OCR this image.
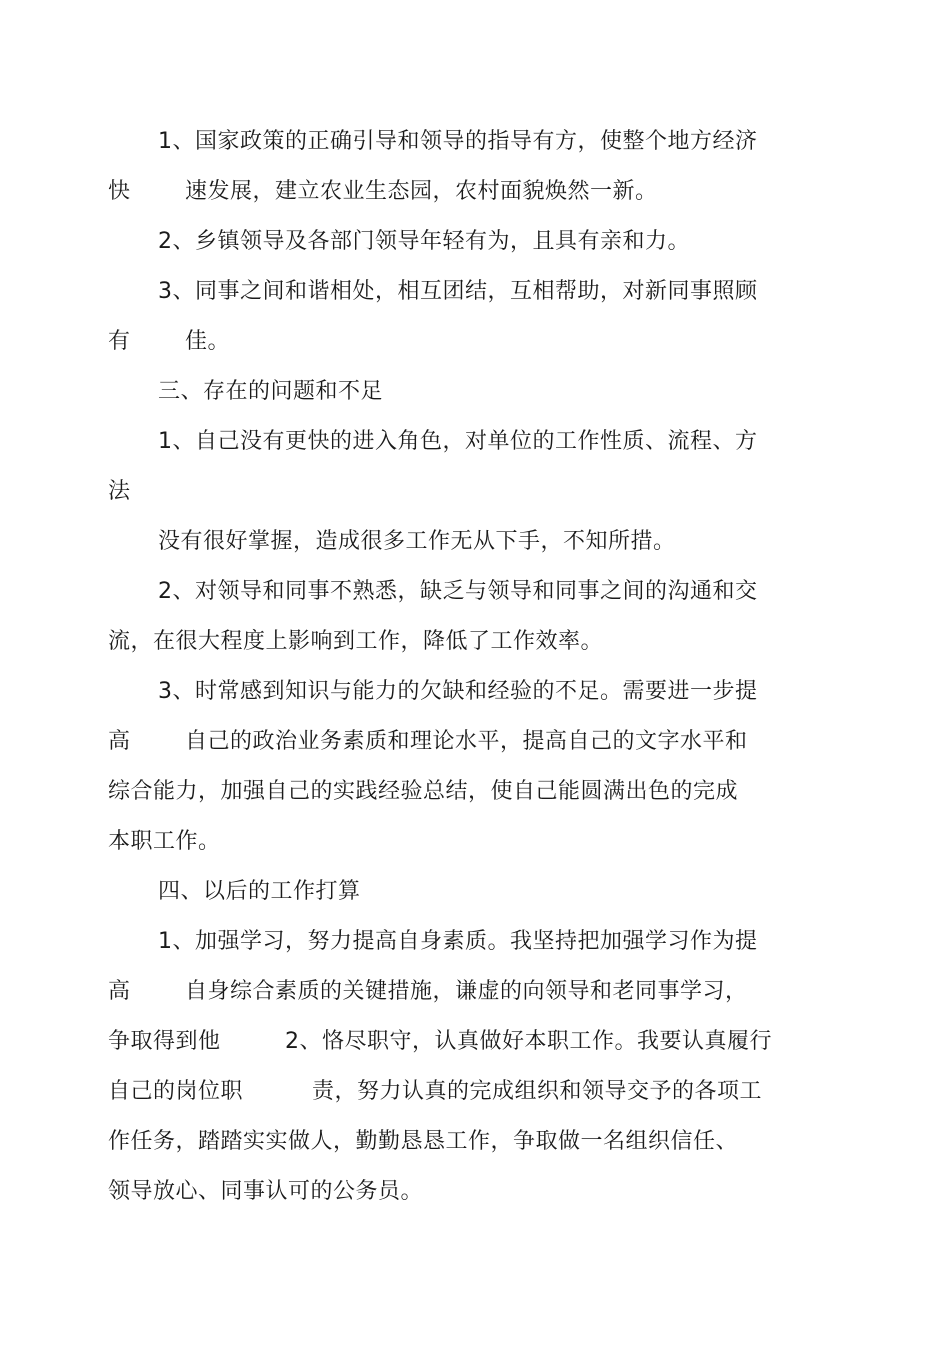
1、国家政策的正确引导和领导的指导有方，使整个地方经济
快 速发展，建立农业生态园，农村面貌焕然一新。
2、乡镇领导及各部门领导年轻有为，且具有亲和力。
3、同事之间和谐相处，相互团结，互相帮助，对新同事照顾
有 佳。
三、存在的问题和不足
1、自己没有更快的进入角色，对单位的工作性质、流程、方
法
没有很好掌握，造成很多工作无从下手，不知所措。
2、对领导和同事不熟悉，缺乏与领导和同事之间的沟通和交
流，在很大程度上影响到工作，降低了工作效率。
3、时常感到知识与能力的欠缺和经验的不足。需要进一步提
高 自己的政治业务素质和理论水平，提高自己的文字水平和
综合能力，加强自己的实践经验总结，使自己能圆满出色的完成
本职工作。
四、以后的工作打算
1、加强学习，努力提高自身素质。我坚持把加强学习作为提
高 自身综合素质的关键措施，谦虚的向领导和老同事学习，
争取得到他	2、恪尽职守，认真做好本职工作。我要认真履行
自己的岗位职	责，努力认真的完成组织和领导交予的各项工
作任务，踏踏实实做人，勤勤恳恳工作，争取做一名组织信任、
领导放心、同事认可的公务员。
